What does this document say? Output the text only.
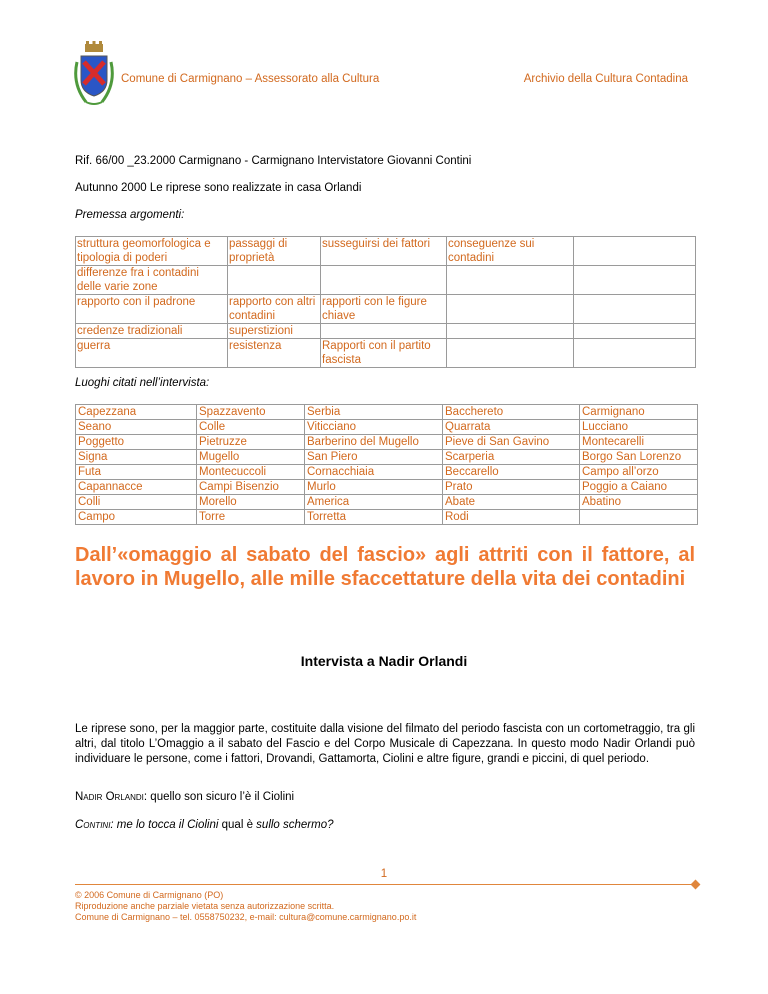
Comune di Carmignano – Assessorato alla Cultura	Archivio della Cultura Contadina
Rif. 66/00 _23.2000 Carmignano - Carmignano Intervistatore Giovanni Contini
Autunno 2000 Le riprese sono realizzate in casa Orlandi
Premessa argomenti:
struttura geomorfologica e tipologia di poderi	passaggi di proprietà	susseguirsi dei fattori	conseguenze sui contadini	
differenze fra i contadini delle varie zone				
rapporto con il padrone	rapporto con altri contadini	rapporti con le figure chiave		
credenze tradizionali	superstizioni			
guerra	resistenza	Rapporti con il partito fascista		
Luoghi citati nell’intervista:
Capezzana	Spazzavento	Serbia	Bacchereto	Carmignano
Seano	Colle	Viticciano	Quarrata	Lucciano
Poggetto	Pietruzze	Barberino del Mugello	Pieve di San Gavino	Montecarelli
Signa	Mugello	San Piero	Scarperia	Borgo San Lorenzo
Futa	Montecuccoli	Cornacchiaia	Beccarello	Campo all’orzo
Capannacce	Campi Bisenzio	Murlo	Prato	Poggio a Caiano
Colli	Morello	America	Abate	Abatino
Campo	Torre	Torretta	Rodi	
Dall’«omaggio al sabato del fascio» agli attriti con il fattore, al lavoro in Mugello, alle mille sfaccettature della vita dei contadini
Intervista a Nadir Orlandi
Le riprese sono, per la maggior parte, costituite dalla visione del filmato del periodo fascista con un cortometraggio, tra gli altri, dal titolo L’Omaggio a il sabato del Fascio e del Corpo Musicale di Capezzana. In questo modo Nadir Orlandi può individuare le persone, come i fattori, Drovandi, Gattamorta, Ciolini e altre figure, grandi e piccini, di quel periodo.
Nadir Orlandi: quello son sicuro l’è il Ciolini
Contini: me lo tocca il Ciolini qual è sullo schermo?
1
© 2006 Comune di Carmignano (PO)
Riproduzione anche parziale vietata senza autorizzazione scritta.
Comune di Carmignano – tel. 0558750232, e-mail: cultura@comune.carmignano.po.it
